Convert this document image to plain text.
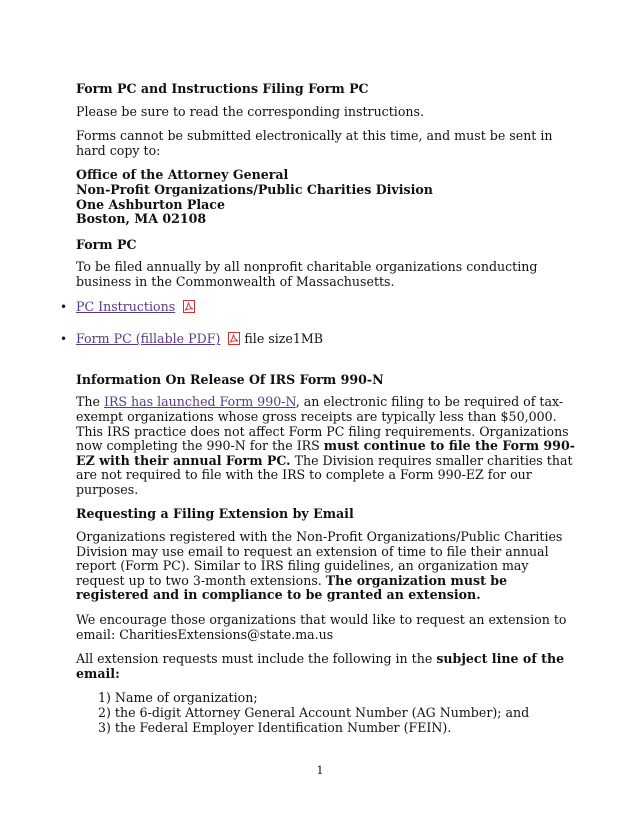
Form PC and Instructions Filing Form PC

Please be sure to read the corresponding instructions.

Forms cannot be submitted electronically at this time, and must be sent in hard copy to:

Office of the Attorney General
Non-Profit Organizations/Public Charities Division
One Ashburton Place
Boston, MA 02108
Form PC

To be filed annually by all nonprofit charitable organizations conducting business in the Commonwealth of Massachusetts.

• PC Instructions
• Form PC (fillable PDF) file size1MB
Information On Release Of IRS Form 990-N

The IRS has launched Form 990-N, an electronic filing to be required of tax-exempt organizations whose gross receipts are typically less than $50,000. This IRS practice does not affect Form PC filing requirements. Organizations now completing the 990-N for the IRS must continue to file the Form 990-EZ with their annual Form PC. The Division requires smaller charities that are not required to file with the IRS to complete a Form 990-EZ for our purposes.

Requesting a Filing Extension by Email

Organizations registered with the Non-Profit Organizations/Public Charities Division may use email to request an extension of time to file their annual report (Form PC). Similar to IRS filing guidelines, an organization may request up to two 3-month extensions. The organization must be registered and in compliance to be granted an extension.

We encourage those organizations that would like to request an extension to email: CharitiesExtensions@state.ma.us

All extension requests must include the following in the subject line of the email:

1) Name of organization;
2) the 6-digit Attorney General Account Number (AG Number); and
3) the Federal Employer Identification Number (FEIN).
1
